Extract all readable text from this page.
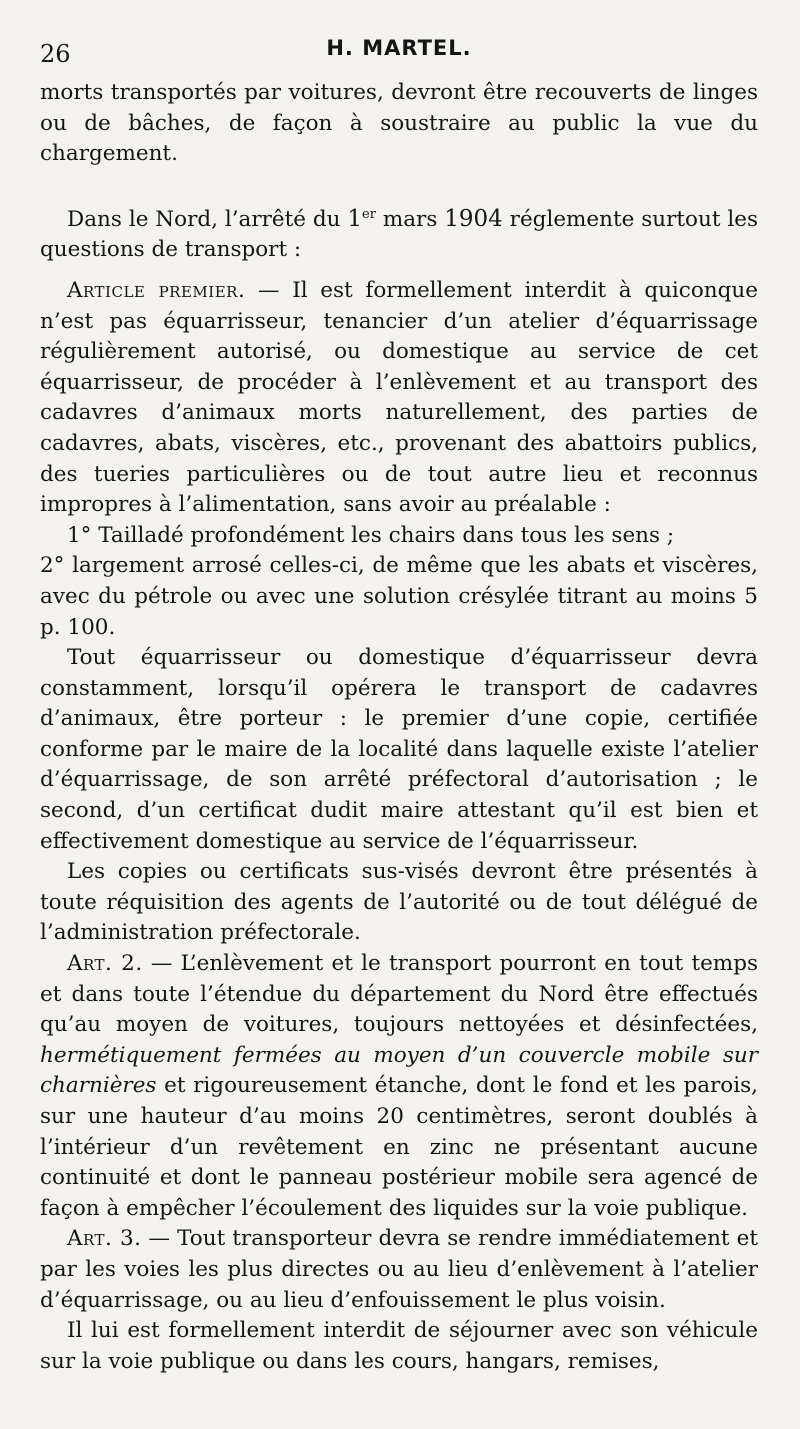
26	H. MARTEL.

morts transportés par voitures, devront être recouverts de linges ou de bâches, de façon à soustraire au public la vue du chargement.

Dans le Nord, l’arrêté du 1er mars 1904 réglemente surtout les questions de transport :

Article premier. — Il est formellement interdit à quiconque n’est pas équarrisseur, tenancier d’un atelier d’équarrissage régulièrement autorisé, ou domestique au service de cet équarrisseur, de procéder à l’enlèvement et au transport des cadavres d’animaux morts naturellement, des parties de cadavres, abats, viscères, etc., provenant des abattoirs publics, des tueries particulières ou de tout autre lieu et reconnus impropres à l’alimentation, sans avoir au préalable :

1° Tailladé profondément les chairs dans tous les sens ;

2° largement arrosé celles-ci, de même que les abats et viscères, avec du pétrole ou avec une solution crésylée titrant au moins 5 p. 100.

Tout équarrisseur ou domestique d’équarrisseur devra constamment, lorsqu’il opérera le transport de cadavres d’animaux, être porteur : le premier d’une copie, certifiée conforme par le maire de la localité dans laquelle existe l’atelier d’équarrissage, de son arrêté préfectoral d’autorisation ; le second, d’un certificat dudit maire attestant qu’il est bien et effectivement domestique au service de l’équarrisseur.

Les copies ou certificats sus-visés devront être présentés à toute réquisition des agents de l’autorité ou de tout délégué de l’administration préfectorale.

Art. 2. — L’enlèvement et le transport pourront en tout temps et dans toute l’étendue du département du Nord être effectués qu’au moyen de voitures, toujours nettoyées et désinfectées, hermétiquement fermées au moyen d’un couvercle mobile sur charnières et rigoureusement étanche, dont le fond et les parois, sur une hauteur d’au moins 20 centimètres, seront doublés à l’intérieur d’un revêtement en zinc ne présentant aucune continuité et dont le panneau postérieur mobile sera agencé de façon à empêcher l’écoulement des liquides sur la voie publique.

Art. 3. — Tout transporteur devra se rendre immédiatement et par les voies les plus directes ou au lieu d’enlèvement à l’atelier d’équarrissage, ou au lieu d’enfouissement le plus voisin.

Il lui est formellement interdit de séjourner avec son véhicule sur la voie publique ou dans les cours, hangars, remises,
